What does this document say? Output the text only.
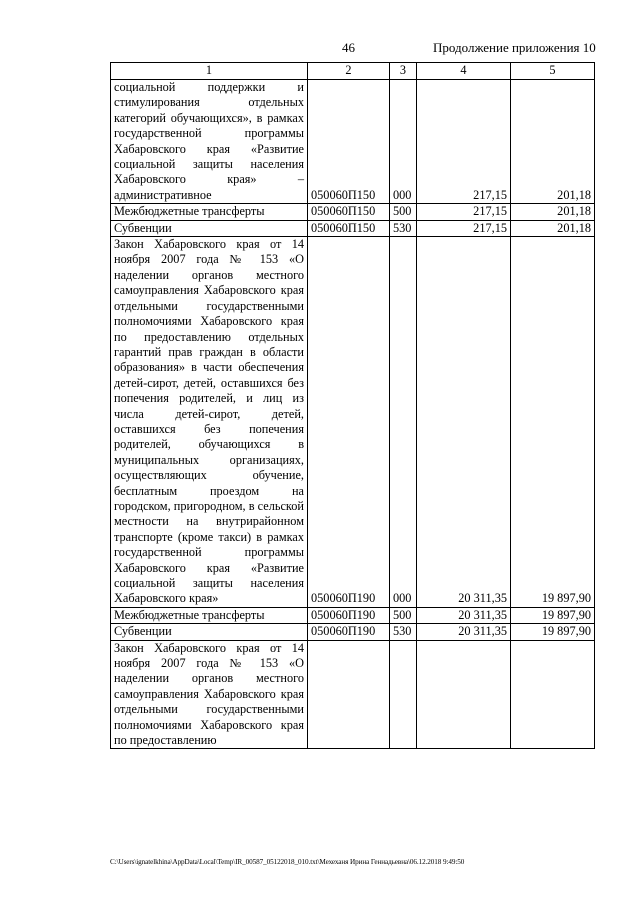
46	Продолжение приложения 10
1	2	3	4	5
социальной поддержки и стимулирования отдельных категорий обучающихся», в рамках государственной программы Хабаровского края «Развитие социальной защиты населения Хабаровского края» – административное	050060П150	000	217,15	201,18
Межбюджетные трансферты	050060П150	500	217,15	201,18
Субвенции	050060П150	530	217,15	201,18
Закон Хабаровского края от 14 ноября 2007 года № 153 «О наделении органов местного самоуправления Хабаровского края отдельными государственными полномочиями Хабаровского края по предоставлению отдельных гарантий прав граждан в области образования» в части обеспечения детей-сирот, детей, оставшихся без попечения родителей, и лиц из числа детей-сирот, детей, оставшихся без попечения родителей, обучающихся в муниципальных организациях, осуществляющих обучение, бесплатным проездом на городском, пригородном, в сельской местности на внутрирайонном транспорте (кроме такси) в рамках государственной программы Хабаровского края «Развитие социальной защиты населения Хабаровского края»	050060П190	000	20 311,35	19 897,90
Межбюджетные трансферты	050060П190	500	20 311,35	19 897,90
Субвенции	050060П190	530	20 311,35	19 897,90
Закон Хабаровского края от 14 ноября 2007 года № 153 «О наделении органов местного самоуправления Хабаровского края отдельными государственными полномочиями Хабаровского края по предоставлению				
C:\Users\ignatelkhina\AppData\Local\Temp\IR_00587_05122018_010.txt\Мехеханя Ирина Геннадьевна\06.12.2018 9:49:50
